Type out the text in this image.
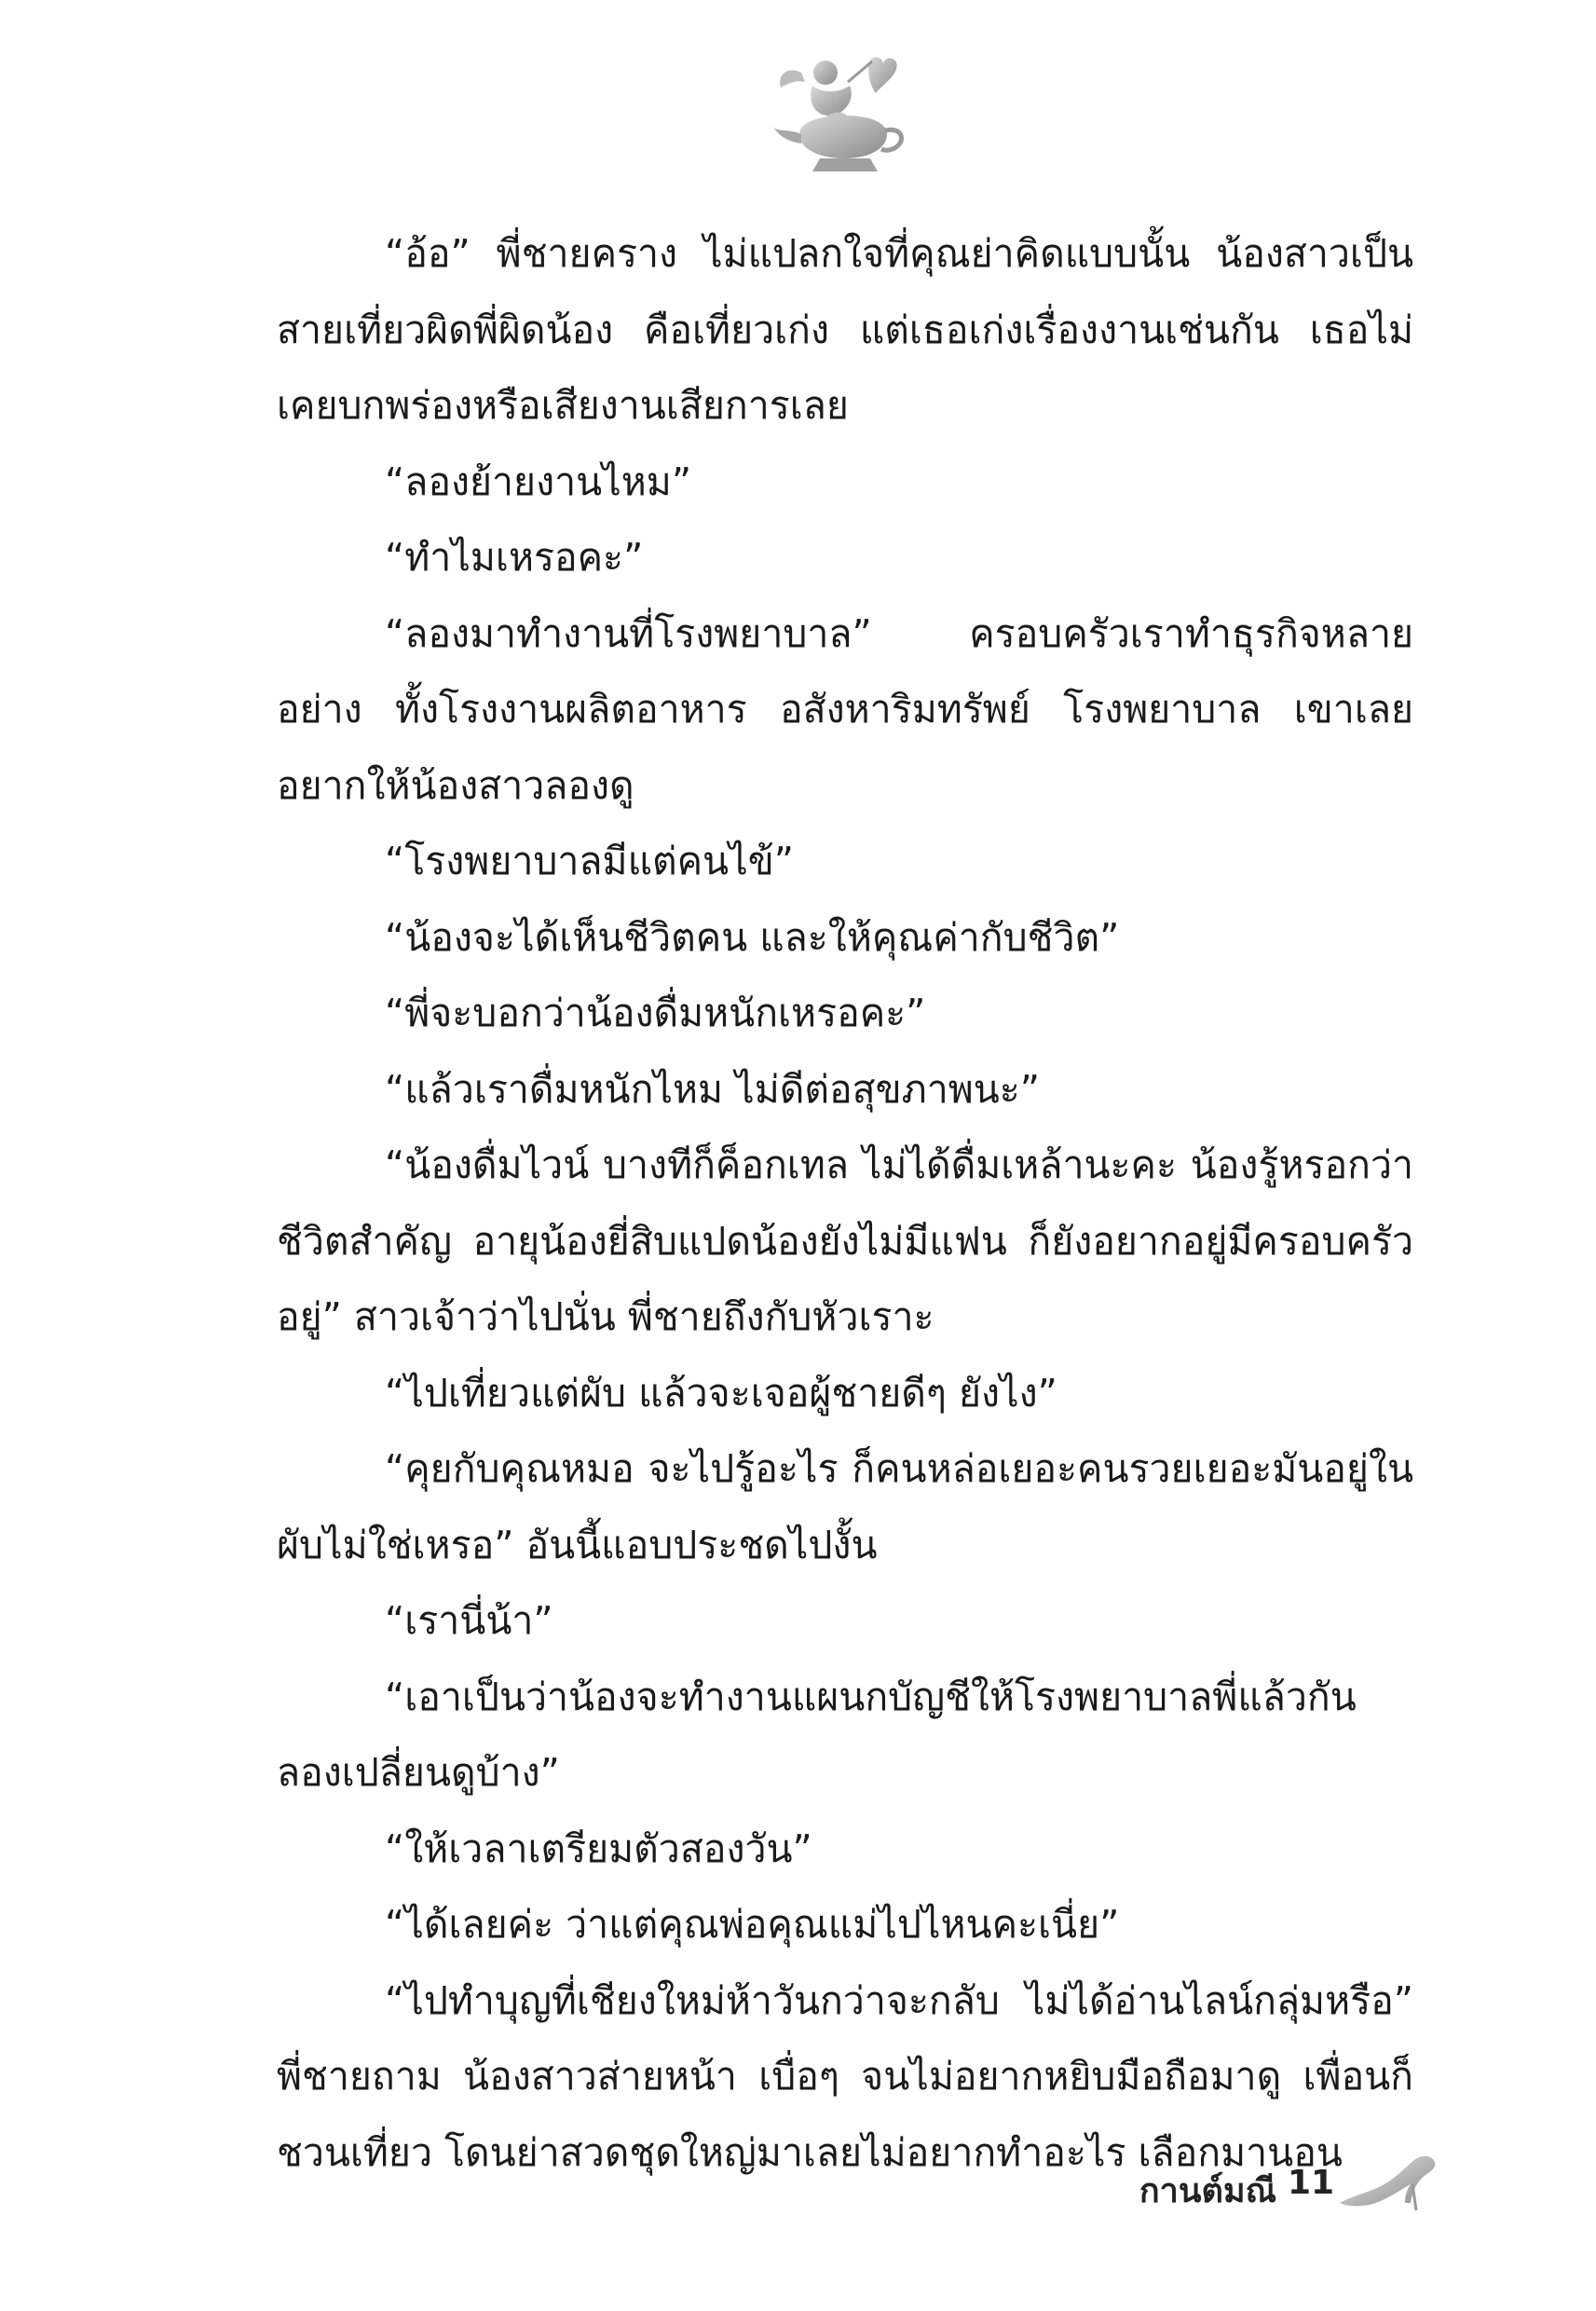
“อ้อ” พี่ชายคราง ไม่แปลกใจที่คุณย่าคิดแบบนั้น น้องสาวเป็นสายเที่ยวผิดพี่ผิดน้อง คือเที่ยวเก่ง แต่เธอเก่งเรื่องงานเช่นกัน เธอไม่เคยบกพร่องหรือเสียงานเสียการเลย

“ลองย้ายงานไหม”

“ทำไมเหรอคะ”

“ลองมาทำงานที่โรงพยาบาล” ครอบครัวเราทำธุรกิจหลายอย่าง ทั้งโรงงานผลิตอาหาร อสังหาริมทรัพย์ โรงพยาบาล เขาเลยอยากให้น้องสาวลองดู

“โรงพยาบาลมีแต่คนไข้”

“น้องจะได้เห็นชีวิตคน และให้คุณค่ากับชีวิต”

“พี่จะบอกว่าน้องดื่มหนักเหรอคะ”

“แล้วเราดื่มหนักไหม ไม่ดีต่อสุขภาพนะ”

“น้องดื่มไวน์ บางทีก็ค็อกเทล ไม่ได้ดื่มเหล้านะคะ น้องรู้หรอกว่าชีวิตสำคัญ อายุน้องยี่สิบแปดน้องยังไม่มีแฟน ก็ยังอยากอยู่มีครอบครัวอยู่” สาวเจ้าว่าไปนั่น พี่ชายถึงกับหัวเราะ

“ไปเที่ยวแต่ผับ แล้วจะเจอผู้ชายดีๆ ยังไง”

“คุยกับคุณหมอ จะไปรู้อะไร ก็คนหล่อเยอะคนรวยเยอะมันอยู่ในผับไม่ใช่เหรอ” อันนี้แอบประชดไปงั้น

“เรานี่น้า”

“เอาเป็นว่าน้องจะทำงานแผนกบัญชีให้โรงพยาบาลพี่แล้วกัน ลองเปลี่ยนดูบ้าง”

“ให้เวลาเตรียมตัวสองวัน”

“ได้เลยค่ะ ว่าแต่คุณพ่อคุณแม่ไปไหนคะเนี่ย”

“ไปทำบุญที่เชียงใหม่ห้าวันกว่าจะกลับ ไม่ได้อ่านไลน์กลุ่มหรือ” พี่ชายถาม น้องสาวส่ายหน้า เบื่อๆ จนไม่อยากหยิบมือถือมาดู เพื่อนก็ชวนเที่ยว โดนย่าสวดชุดใหญ่มาเลยไม่อยากทำอะไร เลือกมานอน

กานต์มณี 11
